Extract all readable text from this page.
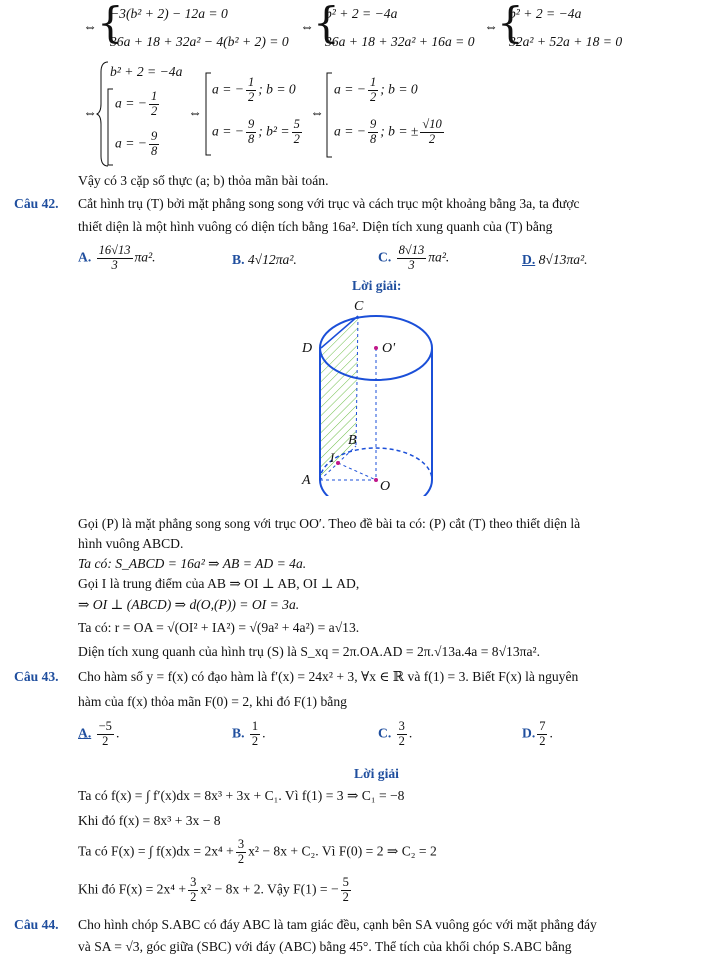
⇔ {
−3(b² + 2) − 12a = 0
36a + 18 + 32a² − 4(b² + 2) = 0
⇔ {
b² + 2 = −4a
36a + 18 + 32a² + 16a = 0
⇔ {
b² + 2 = −4a
32a² + 52a + 18 = 0
⇔
b² + 2 = −4a
a = − $\frac{1}{2}$
a = − $\frac{9}{8}$
⇔
a = − $\frac{1}{2}$ ; b = 0
a = − $\frac{9}{8}$ ; $b^2 = \frac{5}{2}$
⇔
a = − $\frac{1}{2}$ ; b = 0
a = − $\frac{9}{8}$ ; b = ± $\frac{√10}{2}$
Vậy có 3 cặp số thực (a; b) thỏa mãn bài toán.
Câu 42. Cắt hình trụ (T) bởi mặt phẳng song song với trục và cách trục một khoảng bằng 3a, ta được
thiết diện là một hình vuông có diện tích bằng 16a². Diện tích xung quanh của (T) bằng
A. $\frac{16√13}{3} \pi a^2$.	B. 4√12πa².	C. $\frac{8√13}{3} \pi a^2$.	D. 8√13πa².
Lời giải:
C
D	O'
B
I
A	O
Gọi (P) là mặt phẳng song song với trục OO′. Theo đề bài ta có: (P) cắt (T) theo thiết diện là
hình vuông ABCD.
Ta có: S_ABCD = 16a² ⇒ AB = AD = 4a.
Gọi I là trung điểm của AB ⇒ OI ⊥ AB, OI ⊥ AD,
⇒ OI ⊥ (ABCD) ⇒ d(O,(P)) = OI = 3a.
Ta có: r = OA = √(OI² + IA²) = √(9a² + 4a²) = a√13.
Diện tích xung quanh của hình trụ (S) là S_xq = 2π.OA.AD = 2π.√13a.4a = 8√13πa².
Câu 43. Cho hàm số y = f(x) có đạo hàm là f′(x) = 24x² + 3, ∀x ∈ ℝ và f(1) = 3. Biết F(x) là nguyên
hàm của f(x) thỏa mãn F(0) = 2, khi đó F(1) bằng
A. $\frac{-5}{2}$ .	B. $\frac{1}{2}$ .	C. $\frac{3}{2}$ .	D. $\frac{7}{2}$ .
Lời giải
Ta có f(x) = ∫ f′(x)dx = 8x³ + 3x + C₁. Vì f(1) = 3 ⇒ C₁ = −8
Khi đó f(x) = 8x³ + 3x − 8
Ta có F(x) = ∫ $f(x)dx = 2x^4 + \frac{3}{2} x^2 - 8x + C_2$. Vì F(0) = 2 ⇒ C₂ = 2
Khi đó $F(x) = 2x^4 + \frac{3}{2} x^2 - 8x + 2$. Vậy F(1) = − $\frac{5}{2}$
Câu 44. Cho hình chóp S.ABC có đáy ABC là tam giác đều, cạnh bên SA vuông góc với mặt phẳng đáy
và SA = √3, góc giữa (SBC) với đáy (ABC) bằng 45°. Thể tích của khối chóp S.ABC bằng
